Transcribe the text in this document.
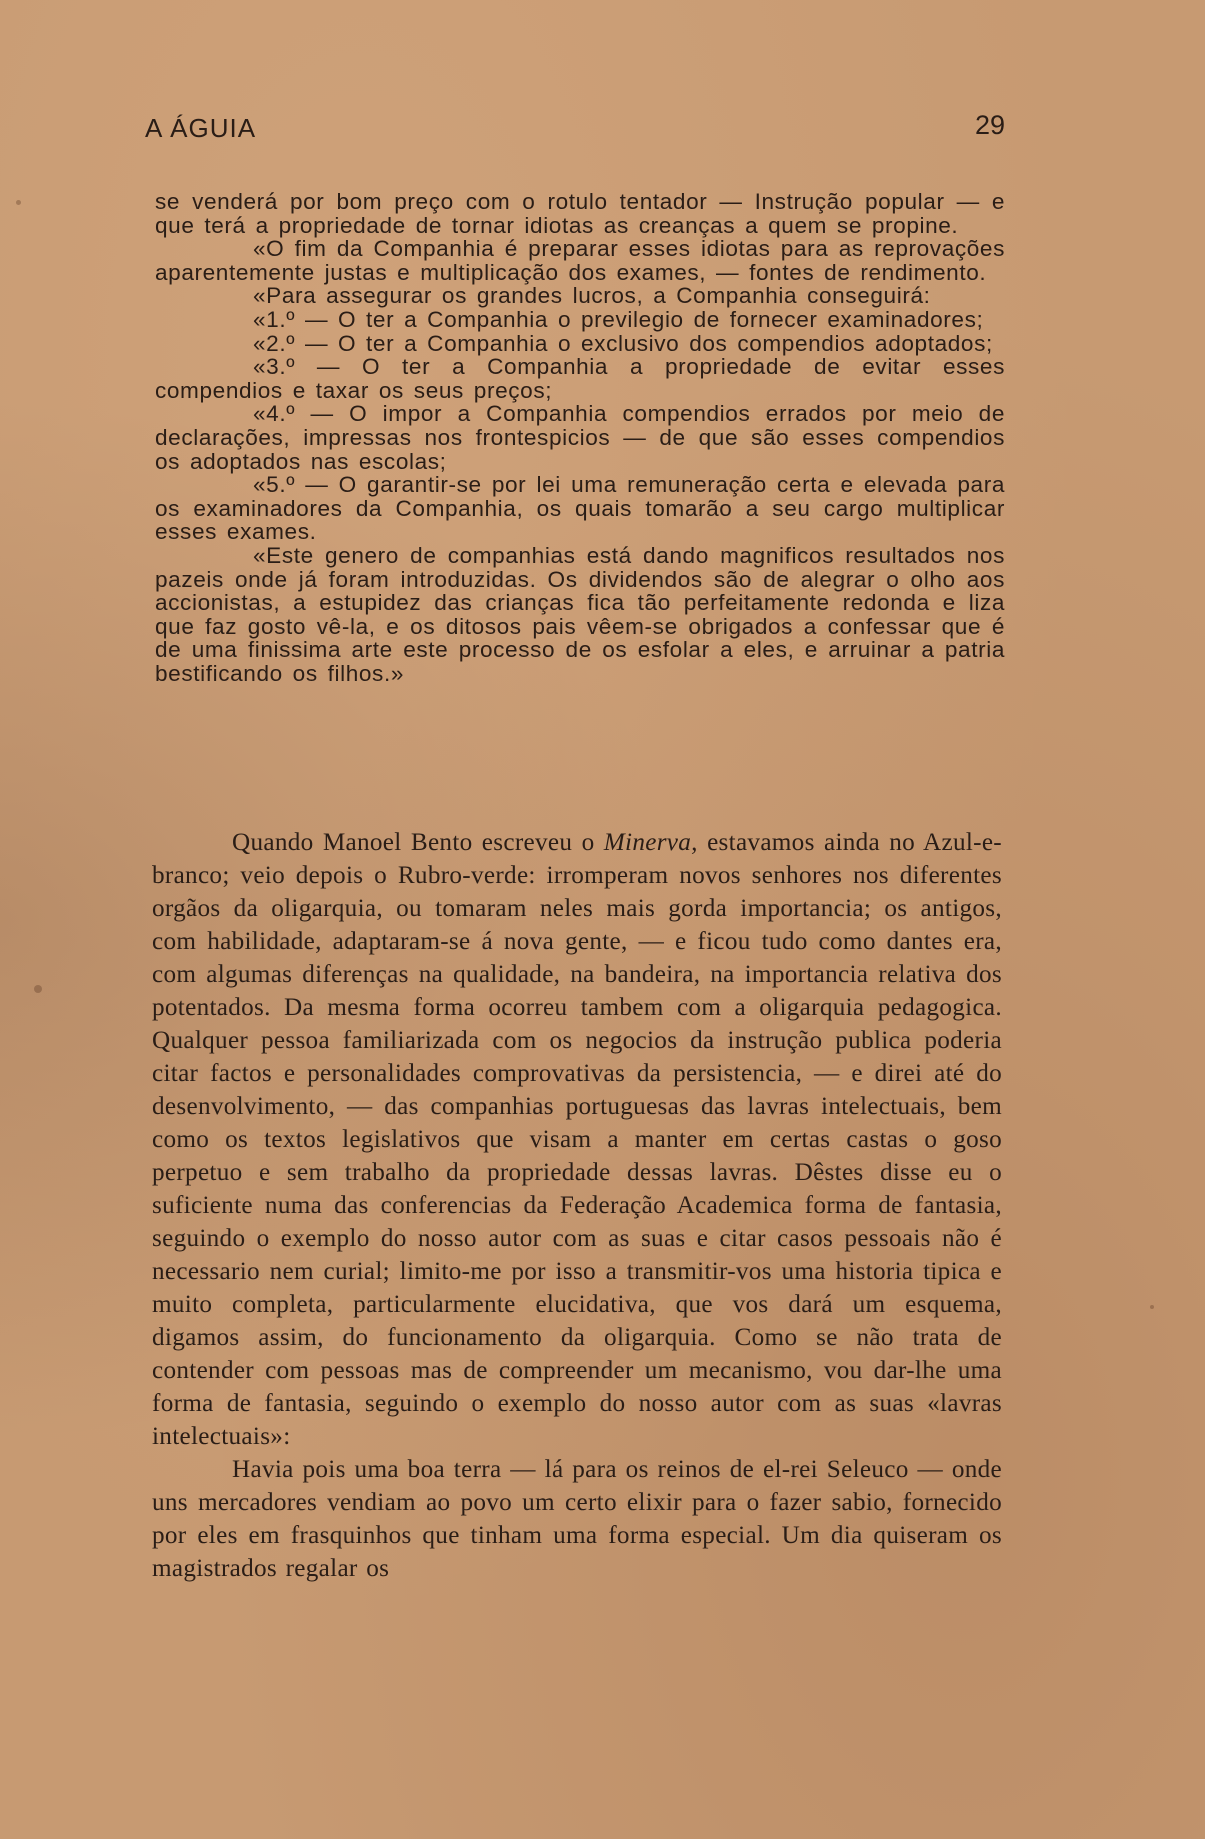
A ÁGUIA	29

se venderá por bom preço com o rotulo tentador — Instrução popular — e que terá a propriedade de tornar idiotas as creanças a quem se propine.

«O fim da Companhia é preparar esses idiotas para as reprovações aparentemente justas e multiplicação dos exames, — fontes de rendimento.

«Para assegurar os grandes lucros, a Companhia conseguirá:

«1.º — O ter a Companhia o previlegio de fornecer examinadores;

«2.º — O ter a Companhia o exclusivo dos compendios adoptados;

«3.º — O ter a Companhia a propriedade de evitar esses compendios e taxar os seus preços;

«4.º — O impor a Companhia compendios errados por meio de declarações, impressas nos frontespicios — de que são esses compendios os adoptados nas escolas;

«5.º — O garantir-se por lei uma remuneração certa e elevada para os examinadores da Companhia, os quais tomarão a seu cargo multiplicar esses exames.

«Este genero de companhias está dando magnificos resultados nos pazeis onde já foram introduzidas. Os dividendos são de alegrar o olho aos accionistas, a estupidez das crianças fica tão perfeitamente redonda e liza que faz gosto vê-la, e os ditosos pais vêem-se obrigados a confessar que é de uma finissima arte este processo de os esfolar a eles, e arruinar a patria bestificando os filhos.»

Quando Manoel Bento escreveu o Minerva, estavamos ainda no Azul-e-branco; veio depois o Rubro-verde: irromperam novos senhores nos diferentes orgãos da oligarquia, ou tomaram neles mais gorda importancia; os antigos, com habilidade, adaptaram-se á nova gente, — e ficou tudo como dantes era, com algumas diferenças na qualidade, na bandeira, na importancia relativa dos potentados. Da mesma forma ocorreu tambem com a oligarquia pedagogica. Qualquer pessoa familiarizada com os negocios da instrução publica poderia citar factos e personalidades comprovativas da persistencia, — e direi até do desenvolvimento, — das companhias portuguesas das lavras intelectuais, bem como os textos legislativos que visam a manter em certas castas o goso perpetuo e sem trabalho da propriedade dessas lavras. Dêstes disse eu o suficiente numa das conferencias da Federação Academica forma de fantasia, seguindo o exemplo do nosso autor com as suas e citar casos pessoais não é necessario nem curial; limito-me por isso a transmitir-vos uma historia tipica e muito completa, particularmente elucidativa, que vos dará um esquema, digamos assim, do funcionamento da oligarquia. Como se não trata de contender com pessoas mas de compreender um mecanismo, vou dar-lhe uma forma de fantasia, seguindo o exemplo do nosso autor com as suas «lavras intelectuais»:

Havia pois uma boa terra — lá para os reinos de el-rei Seleuco — onde uns mercadores vendiam ao povo um certo elixir para o fazer sabio, fornecido por eles em frasquinhos que tinham uma forma especial. Um dia quiseram os magistrados regalar os
